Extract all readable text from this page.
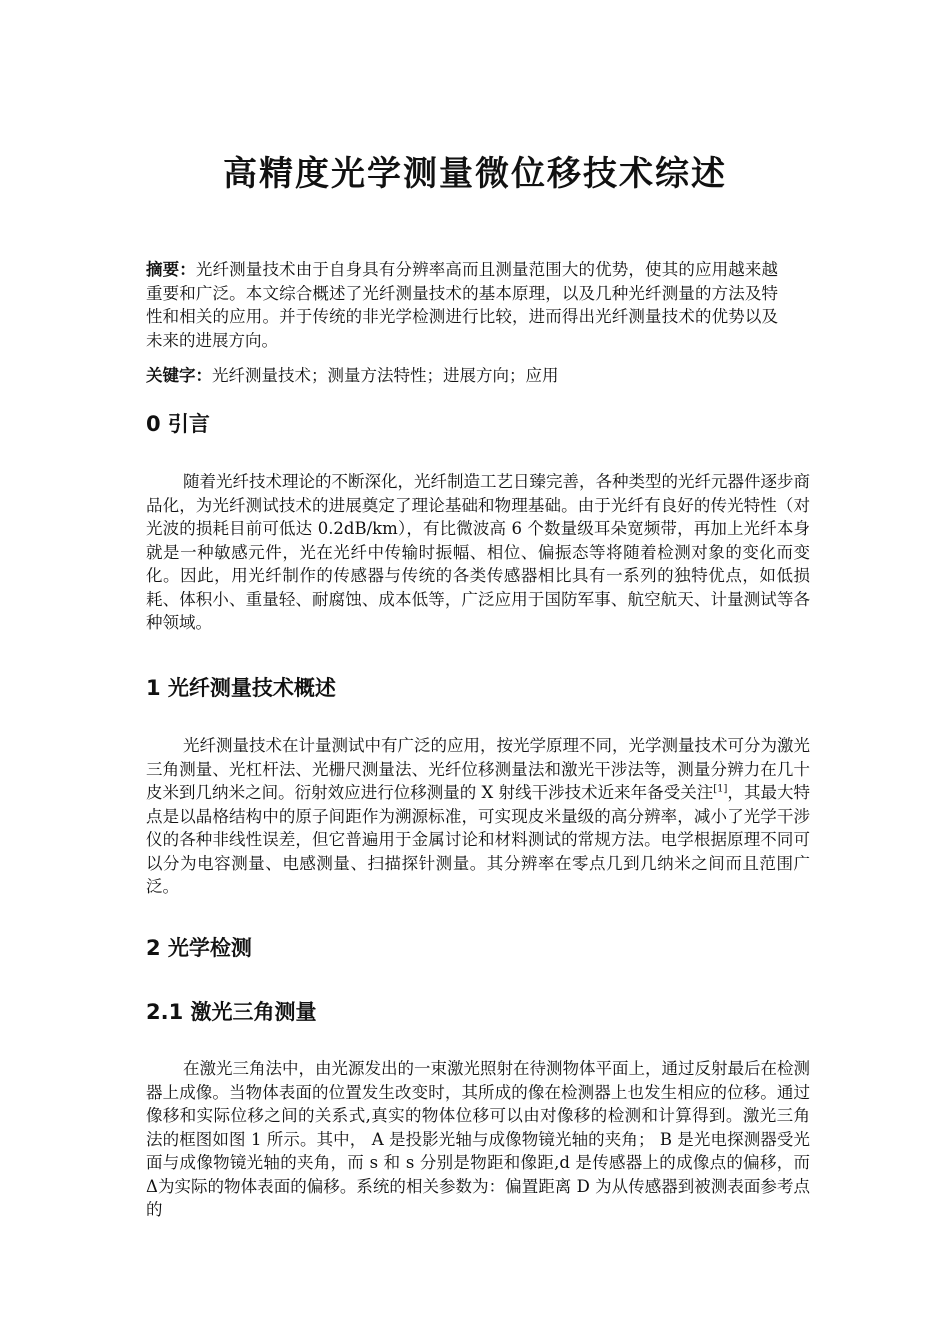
高精度光学测量微位移技术综述

摘要：光纤测量技术由于自身具有分辨率高而且测量范围大的优势，使其的应用越来越重要和广泛。本文综合概述了光纤测量技术的基本原理，以及几种光纤测量的方法及特性和相关的应用。并于传统的非光学检测进行比较，进而得出光纤测量技术的优势以及未来的进展方向。

关键字：光纤测量技术；测量方法特性；进展方向；应用

0 引言

随着光纤技术理论的不断深化，光纤制造工艺日臻完善，各种类型的光纤元器件逐步商品化，为光纤测试技术的进展奠定了理论基础和物理基础。由于光纤有良好的传光特性（对光波的损耗目前可低达 0.2dB/km），有比微波高 6 个数量级耳朵宽频带，再加上光纤本身就是一种敏感元件，光在光纤中传输时振幅、相位、偏振态等将随着检测对象的变化而变化。因此，用光纤制作的传感器与传统的各类传感器相比具有一系列的独特优点，如低损耗、体积小、重量轻、耐腐蚀、成本低等，广泛应用于国防军事、航空航天、计量测试等各种领域。

1 光纤测量技术概述

光纤测量技术在计量测试中有广泛的应用，按光学原理不同，光学测量技术可分为激光三角测量、光杠杆法、光栅尺测量法、光纤位移测量法和激光干涉法等，测量分辨力在几十皮米到几纳米之间。衍射效应进行位移测量的 X 射线干涉技术近来年备受关注[1]，其最大特点是以晶格结构中的原子间距作为溯源标准，可实现皮米量级的高分辨率，减小了光学干涉仪的各种非线性误差，但它普遍用于金属讨论和材料测试的常规方法。电学根据原理不同可以分为电容测量、电感测量、扫描探针测量。其分辨率在零点几到几纳米之间而且范围广泛。

2 光学检测
2.1 激光三角测量

在激光三角法中，由光源发出的一束激光照射在待测物体平面上，通过反射最后在检测器上成像。当物体表面的位置发生改变时，其所成的像在检测器上也发生相应的位移。通过像移和实际位移之间的关系式,真实的物体位移可以由对像移的检测和计算得到。激光三角法的框图如图 1 所示。其中， A 是投影光轴与成像物镜光轴的夹角； B 是光电探测器受光面与成像物镜光轴的夹角，而 s 和 s 分别是物距和像距,d 是传感器上的成像点的偏移，而Δ为实际的物体表面的偏移。系统的相关参数为：偏置距离 D 为从传感器到被测表面参考点的
